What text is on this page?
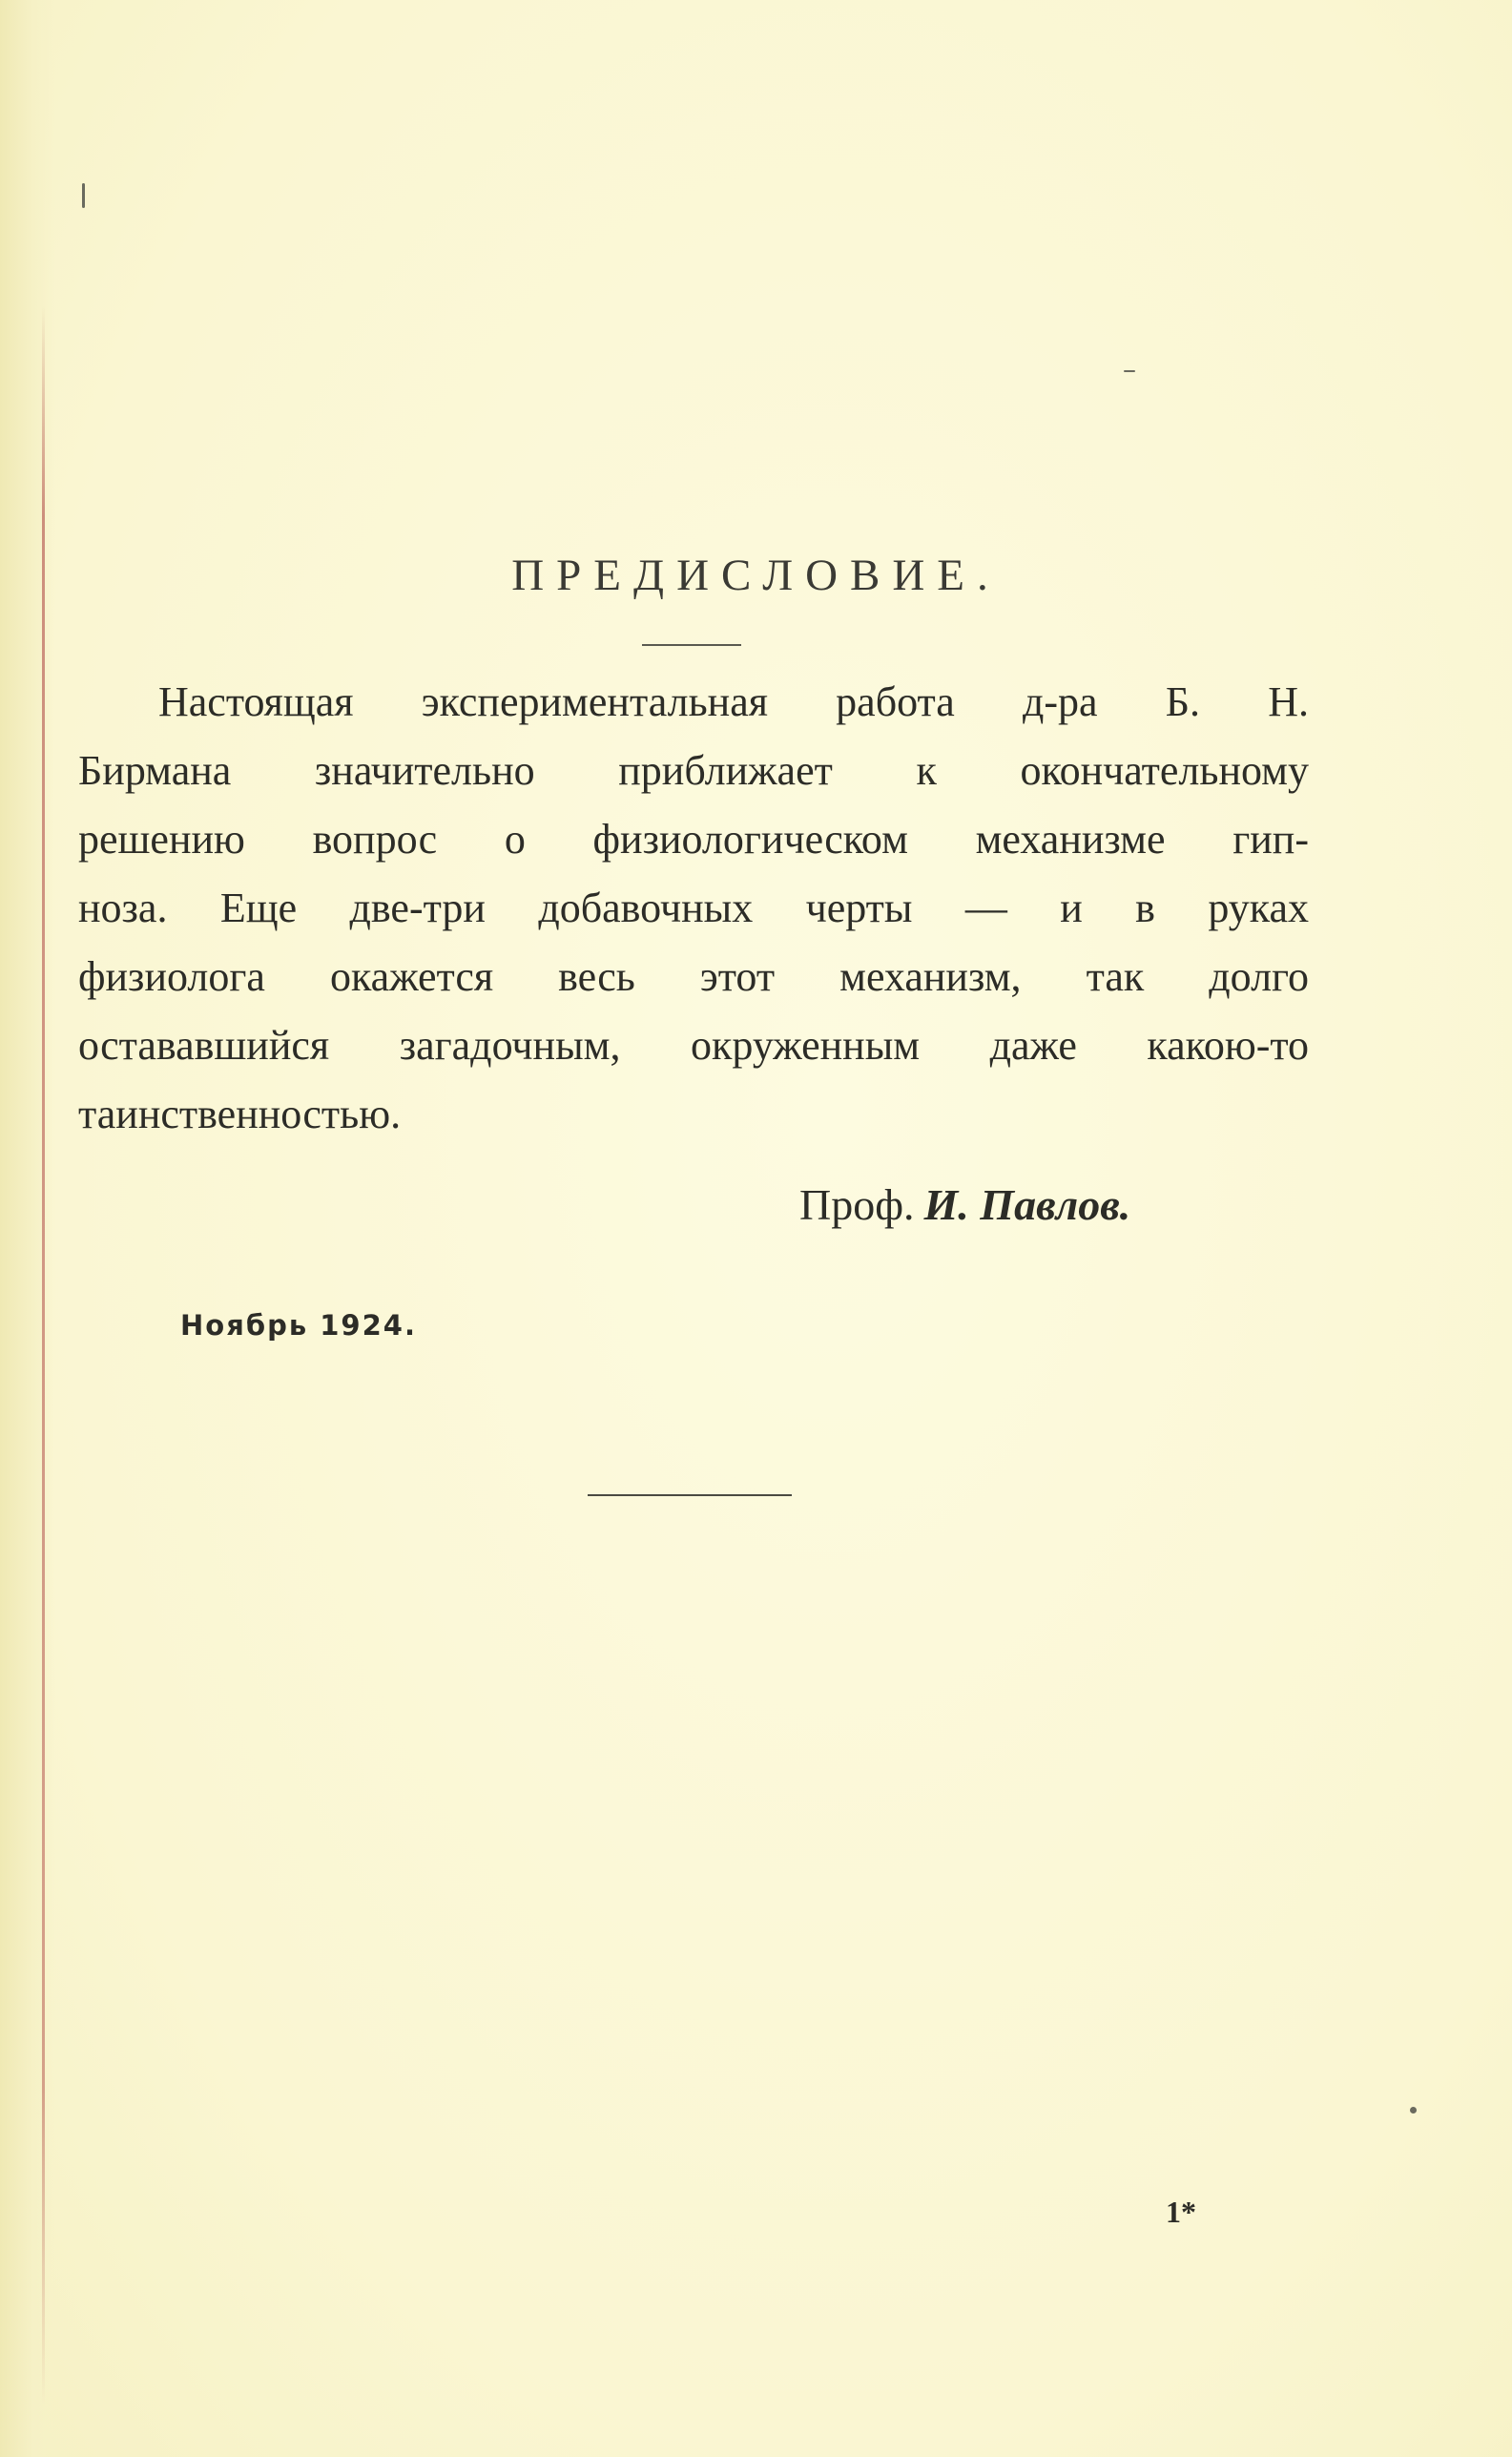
ПРЕДИСЛОВИЕ.
Настоящая экспериментальная работа д-ра Б. Н.
Бирмана значительно приближает к окончательному
решению вопрос о физиологическом механизме гип-
ноза. Еще две-три добавочных черты — и в руках
физиолога окажется весь этот механизм, так долго
остававшийся загадочным, окруженным даже какою-то
таинственностью.
Проф. И. Павлов.
Ноябрь 1924.
1*
